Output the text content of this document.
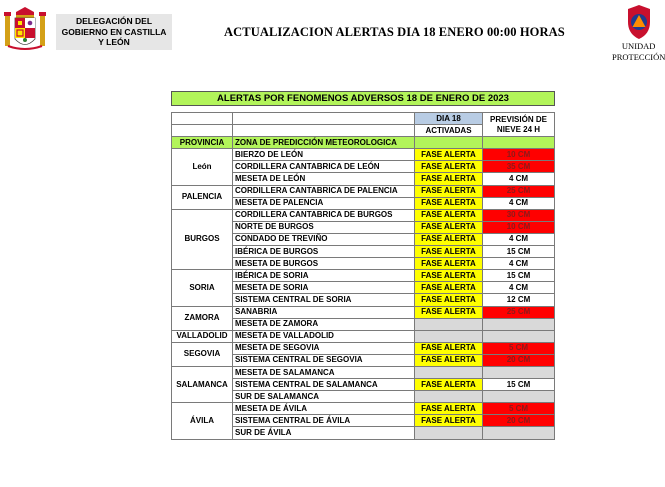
DELEGACIÓN DEL
GOBIERNO EN CASTILLA
Y LEÓN
ACTUALIZACION ALERTAS DIA 18 ENERO 00:00 HORAS
UNIDAD
PROTECCIÓN
ALERTAS POR FENOMENOS ADVERSOS 18 DE ENERO DE 2023			

		DIA 18	PREVISIÓN DE
NIEVE 24 H
		ACTIVADAS	
PROVINCIA	ZONA DE PREDICCIÓN METEOROLOGICA		
León	BIERZO DE LEÓN	FASE ALERTA	10 CM
	CORDILLERA CANTABRICA DE LEÓN	FASE ALERTA	35 CM
	MESETA DE LEÓN	FASE ALERTA	4 CM
PALENCIA	CORDILLERA CANTABRICA DE PALENCIA	FASE ALERTA	25 CM
	MESETA DE PALENCIA	FASE ALERTA	4 CM
BURGOS	CORDILLERA CANTABRICA DE BURGOS	FASE ALERTA	30 CM
	NORTE DE BURGOS	FASE ALERTA	10 CM
	CONDADO DE TREVIÑO	FASE ALERTA	4 CM
	IBÉRICA DE BURGOS	FASE ALERTA	15 CM
	MESETA DE BURGOS	FASE ALERTA	4 CM
SORIA	IBÉRICA DE SORIA	FASE ALERTA	15 CM
	MESETA DE SORIA	FASE ALERTA	4 CM
	SISTEMA CENTRAL DE SORIA	FASE ALERTA	12 CM
ZAMORA	SANABRIA	FASE ALERTA	25 CM
	MESETA DE ZAMORA		
VALLADOLID	MESETA DE VALLADOLID		
SEGOVIA	MESETA DE SEGOVIA	FASE ALERTA	5 CM
	SISTEMA CENTRAL DE SEGOVIA	FASE ALERTA	20 CM
SALAMANCA	MESETA DE SALAMANCA		
	SISTEMA CENTRAL DE SALAMANCA	FASE ALERTA	15 CM
	SUR DE SALAMANCA		
ÁVILA	MESETA DE ÁVILA	FASE ALERTA	5 CM
	SISTEMA CENTRAL DE ÁVILA	FASE ALERTA	20 CM
	SUR DE ÁVILA		
